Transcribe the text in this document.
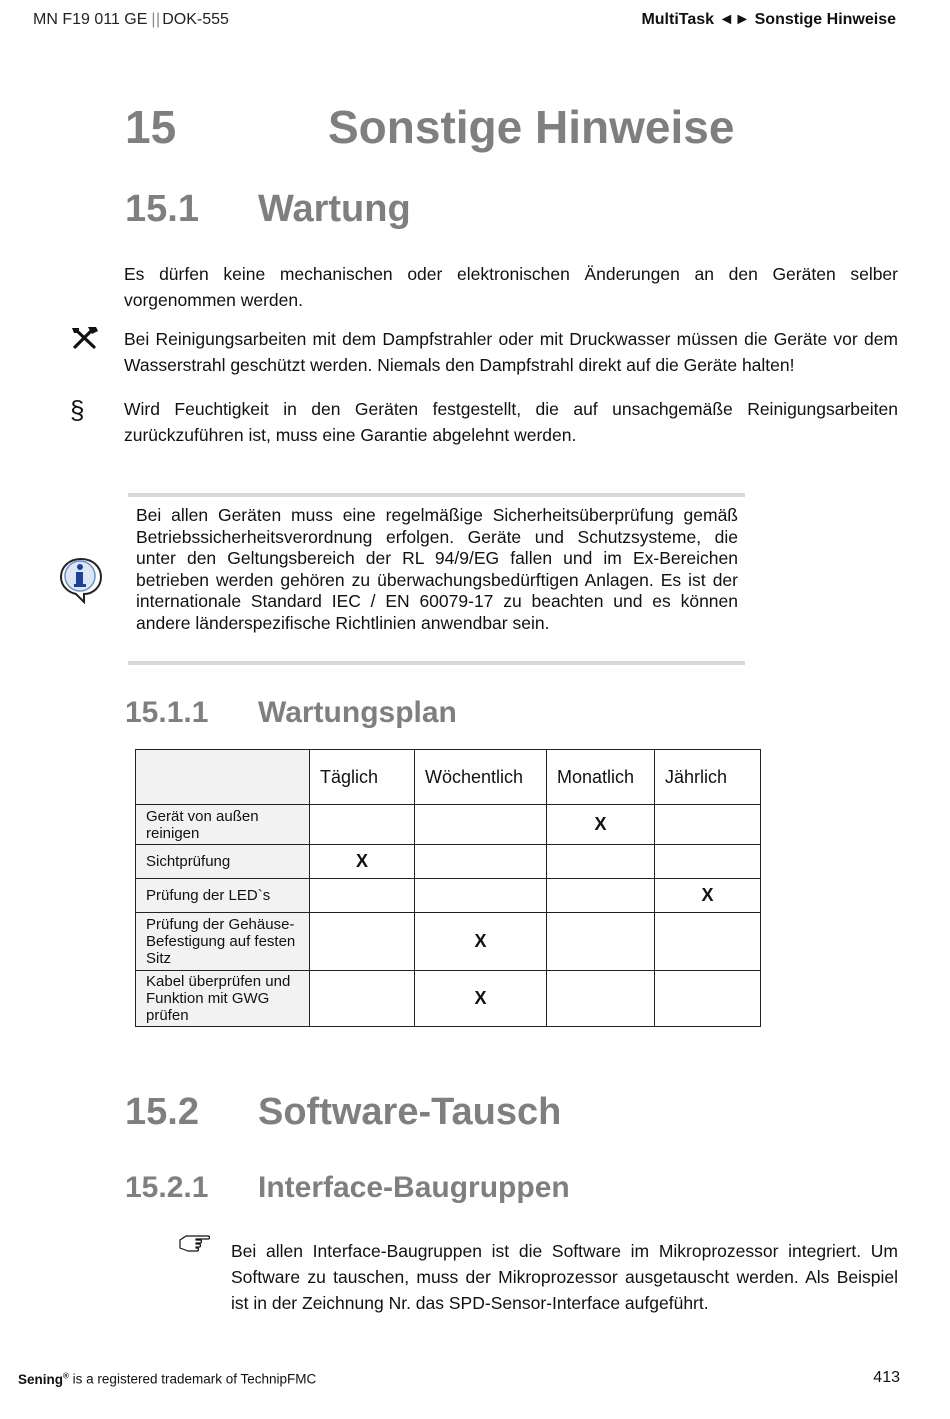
MN F19 011 GE | | DOK-555	MultiTask ◄► Sonstige Hinweise
15	Sonstige Hinweise
15.1 Wartung
Es dürfen keine mechanischen oder elektronischen Änderungen an den Geräten selber vorgenommen werden.
Bei Reinigungsarbeiten mit dem Dampfstrahler oder mit Druckwasser müssen die Geräte vor dem Wasserstrahl geschützt werden. Niemals den Dampfstrahl direkt auf die Geräte halten!
§ Wird Feuchtigkeit in den Geräten festgestellt, die auf unsachgemäße Reinigungsarbeiten zurückzuführen ist, muss eine Garantie abgelehnt werden.
Bei allen Geräten muss eine regelmäßige Sicherheitsüberprüfung gemäß Betriebssicherheitsverordnung erfolgen. Geräte und Schutzsysteme, die unter den Geltungsbereich der RL 94/9/EG fallen und im Ex-Bereichen betrieben werden gehören zu überwachungsbedürftigen Anlagen. Es ist der internationale Standard IEC / EN 60079-17 zu beachten und es können andere länderspezifische Richtlinien anwendbar sein.
15.1.1 Wartungsplan
	Täglich	Wöchentlich	Monatlich	Jährlich
Gerät von außen reinigen			X	
Sichtprüfung	X			
Prüfung der LED`s				X
Prüfung der Gehäuse-Befestigung auf festen Sitz		X		
Kabel überprüfen und Funktion mit GWG prüfen		X		
15.2 Software-Tausch
15.2.1 Interface-Baugruppen
Bei allen Interface-Baugruppen ist die Software im Mikroprozessor integriert. Um Software zu tauschen, muss der Mikroprozessor ausgetauscht werden. Als Beispiel ist in der Zeichnung Nr. das SPD-Sensor-Interface aufgeführt.
Sening® is a registered trademark of TechnipFMC	413
